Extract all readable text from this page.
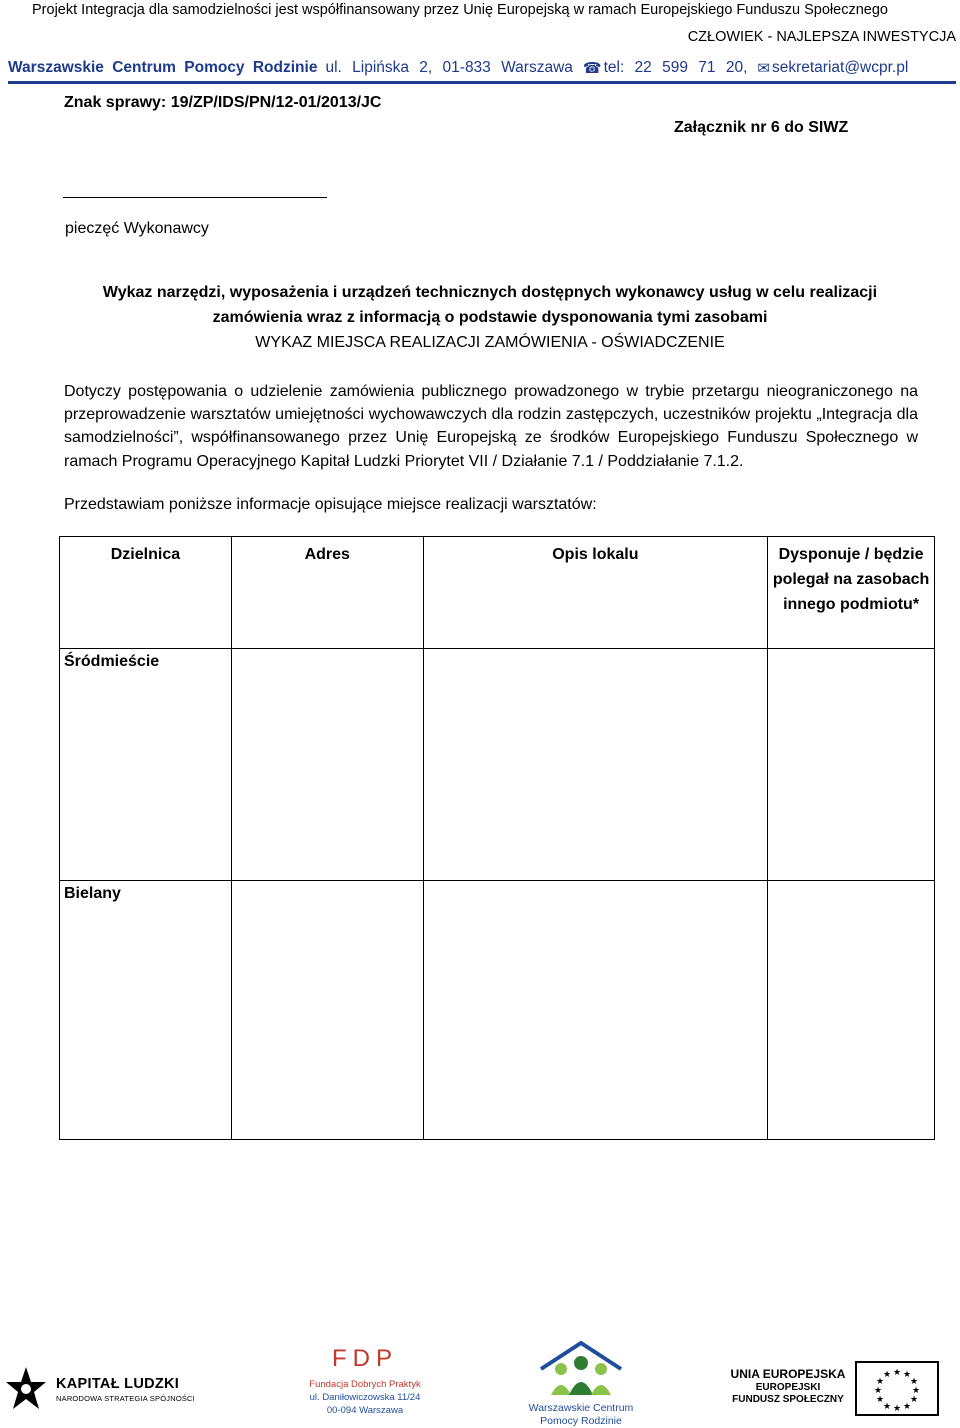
Projekt Integracja dla samodzielności jest współfinansowany przez Unię Europejską w ramach Europejskiego Funduszu Społecznego
CZŁOWIEK - NAJLEPSZA INWESTYCJA
Warszawskie Centrum Pomocy Rodzinie ul. Lipińska 2, 01-833 Warszawa ☎ tel: 22 599 71 20, ✉ sekretariat@wcpr.pl
Znak sprawy: 19/ZP/IDS/PN/12-01/2013/JC
Załącznik nr 6 do SIWZ
pieczęć Wykonawcy
Wykaz narzędzi, wyposażenia i urządzeń technicznych dostępnych wykonawcy usług w celu realizacji
zamówienia wraz z informacją o podstawie dysponowania tymi zasobami
WYKAZ MIEJSCA REALIZACJI ZAMÓWIENIA - OŚWIADCZENIE
Dotyczy postępowania o udzielenie zamówienia publicznego prowadzonego w trybie przetargu nieograniczonego na przeprowadzenie warsztatów umiejętności wychowawczych dla rodzin zastępczych, uczestników projektu „Integracja dla samodzielności”, współfinansowanego przez Unię Europejską ze środków Europejskiego Funduszu Społecznego w ramach Programu Operacyjnego Kapitał Ludzki Priorytet VII / Działanie 7.1 / Poddziałanie 7.1.2.
Przedstawiam poniższe informacje opisujące miejsce realizacji warsztatów:
Dzielnica	Adres	Opis lokalu	Dysponuje / będzie polegał na zasobach innego podmiotu*
Śródmieście			
Bielany			
KAPITAŁ LUDZKI
NARODOWA STRATEGIA SPÓJNOŚCI
FDP
Fundacja Dobrych Praktyk
ul. Daniłowiczowska 11/24
00-094 Warszawa	Warszawskie Centrum Pomocy Rodzinie
UNIA EUROPEJSKA
EUROPEJSKI
FUNDUSZ SPOŁECZNY
★ ★
★
★
★
★
★
★
★
★
★
★
